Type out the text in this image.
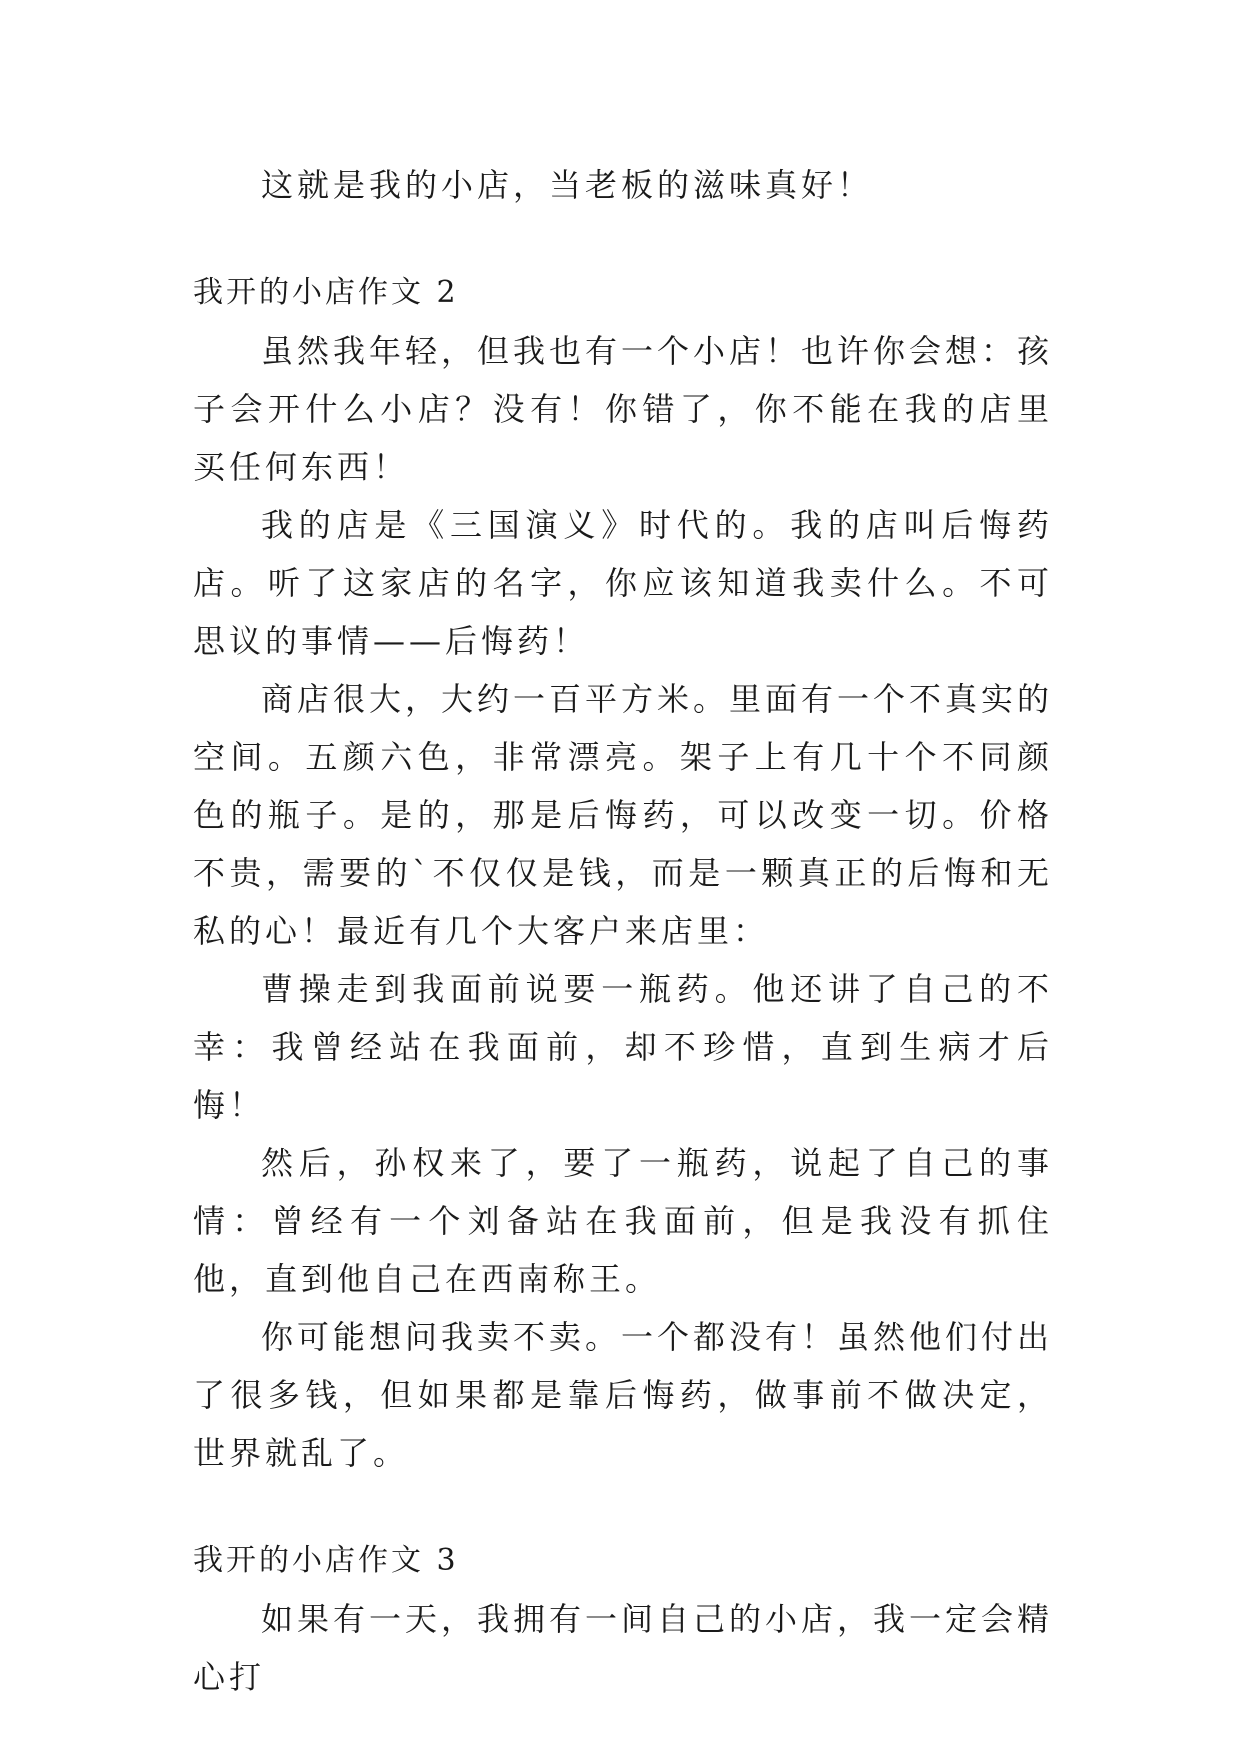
这就是我的小店，当老板的滋味真好！

我开的小店作文 2

虽然我年轻，但我也有一个小店！也许你会想：孩子会开什么小店？没有！你错了，你不能在我的店里买任何东西！

我的店是《三国演义》时代的。我的店叫后悔药店。听了这家店的名字，你应该知道我卖什么。不可思议的事情——后悔药！

商店很大，大约一百平方米。里面有一个不真实的空间。五颜六色，非常漂亮。架子上有几十个不同颜色的瓶子。是的，那是后悔药，可以改变一切。价格不贵，需要的`不仅仅是钱，而是一颗真正的后悔和无私的心！最近有几个大客户来店里：

曹操走到我面前说要一瓶药。他还讲了自己的不幸：我曾经站在我面前，却不珍惜，直到生病才后悔！

然后，孙权来了，要了一瓶药，说起了自己的事情：曾经有一个刘备站在我面前，但是我没有抓住他，直到他自己在西南称王。

你可能想问我卖不卖。一个都没有！虽然他们付出了很多钱，但如果都是靠后悔药，做事前不做决定，世界就乱了。

我开的小店作文 3

如果有一天，我拥有一间自己的小店，我一定会精心打
